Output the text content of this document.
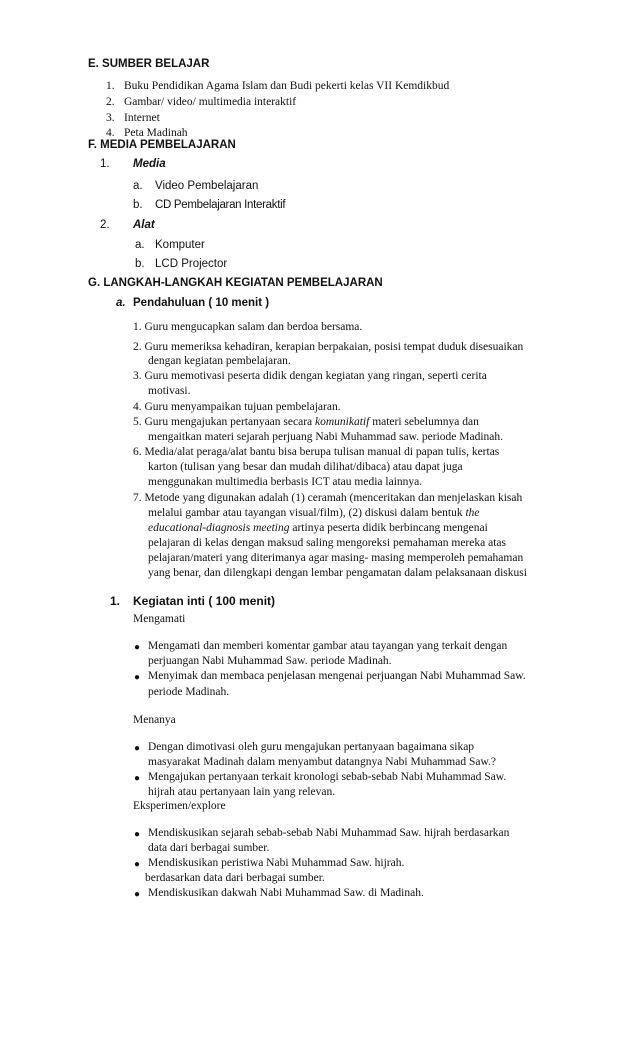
E. SUMBER BELAJAR
1. Buku Pendidikan Agama Islam dan Budi pekerti kelas VII Kemdikbud
2. Gambar/ video/ multimedia interaktif
3. Internet
4. Peta Madinah
F. MEDIA PEMBELAJARAN
1. Media
a. Video Pembelajaran
b. CD Pembelajaran Interaktif
2. Alat
a. Komputer
b. LCD Projector
G. LANGKAH-LANGKAH KEGIATAN PEMBELAJARAN
a. Pendahuluan ( 10 menit )
1. Guru mengucapkan salam dan berdoa bersama.
2. Guru memeriksa kehadiran, kerapian berpakaian, posisi tempat duduk disesuaikan
dengan kegiatan pembelajaran.
3. Guru memotivasi peserta didik dengan kegiatan yang ringan, seperti cerita
motivasi.
4. Guru menyampaikan tujuan pembelajaran.
5. Guru mengajukan pertanyaan secara komunikatif materi sebelumnya dan
mengaitkan materi sejarah perjuang Nabi Muhammad saw. periode Madinah.
6. Media/alat peraga/alat bantu bisa berupa tulisan manual di papan tulis, kertas
karton (tulisan yang besar dan mudah dilihat/dibaca) atau dapat juga
menggunakan multimedia berbasis ICT atau media lainnya.
7. Metode yang digunakan adalah (1) ceramah (menceritakan dan menjelaskan kisah
melalui gambar atau tayangan visual/film), (2) diskusi dalam bentuk the
educational-diagnosis meeting artinya peserta didik berbincang mengenai
pelajaran di kelas dengan maksud saling mengoreksi pemahaman mereka atas
pelajaran/materi yang diterimanya agar masing- masing memperoleh pemahaman
yang benar, dan dilengkapi dengan lembar pengamatan dalam pelaksanaan diskusi
1. Kegiatan inti ( 100 menit)
Mengamati
● Mengamati dan memberi komentar gambar atau tayangan yang terkait dengan
perjuangan Nabi Muhammad Saw. periode Madinah.
● Menyimak dan membaca penjelasan mengenai perjuangan Nabi Muhammad Saw.
periode Madinah.
Menanya
● Dengan dimotivasi oleh guru mengajukan pertanyaan bagaimana sikap
masyarakat Madinah dalam menyambut datangnya Nabi Muhammad Saw.?
● Mengajukan pertanyaan terkait kronologi sebab-sebab Nabi Muhammad Saw.
hijrah atau pertanyaan lain yang relevan.
Eksperimen/explore
● Mendiskusikan sejarah sebab-sebab Nabi Muhammad Saw. hijrah berdasarkan
data dari berbagai sumber.
● Mendiskusikan peristiwa Nabi Muhammad Saw. hijrah.
berdasarkan data dari berbagai sumber.
● Mendiskusikan dakwah Nabi Muhammad Saw. di Madinah.
